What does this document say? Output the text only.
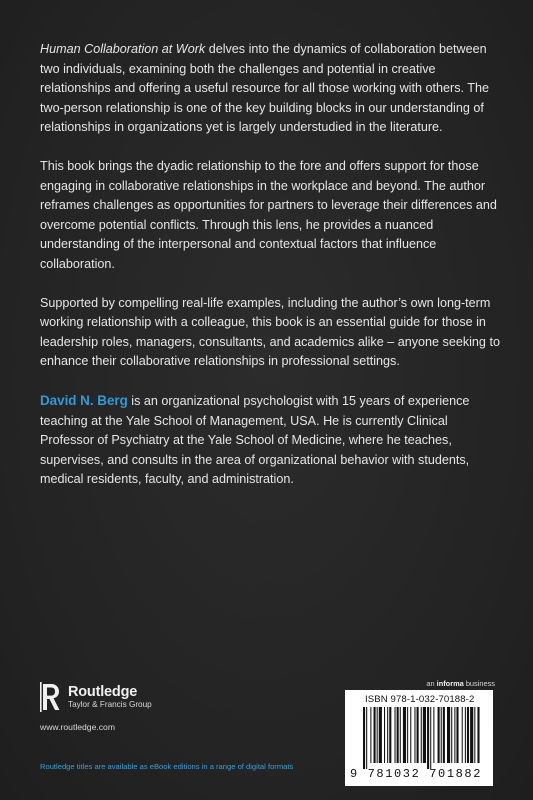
Human Collaboration at Work delves into the dynamics of collaboration between two individuals, examining both the challenges and potential in creative relationships and offering a useful resource for all those working with others. The two-person relationship is one of the key building blocks in our understanding of relationships in organizations yet is largely understudied in the literature.

This book brings the dyadic relationship to the fore and offers support for those engaging in collaborative relationships in the workplace and beyond. The author reframes challenges as opportunities for partners to leverage their differences and overcome potential conflicts. Through this lens, he provides a nuanced understanding of the interpersonal and contextual factors that influence collaboration.

Supported by compelling real-life examples, including the author’s own long-term working relationship with a colleague, this book is an essential guide for those in leadership roles, managers, consultants, and academics alike – anyone seeking to enhance their collaborative relationships in professional settings.

David N. Berg is an organizational psychologist with 15 years of experience teaching at the Yale School of Management, USA. He is currently Clinical Professor of Psychiatry at the Yale School of Medicine, where he teaches, supervises, and consults in the area of organizational behavior with students, medical residents, faculty, and administration.

Routledge
Taylor & Francis Group
www.routledge.com
Routledge titles are available as eBook editions in a range of digital formats
an informa business
ISBN 978-1-032-70188-2
9 781032 701882
